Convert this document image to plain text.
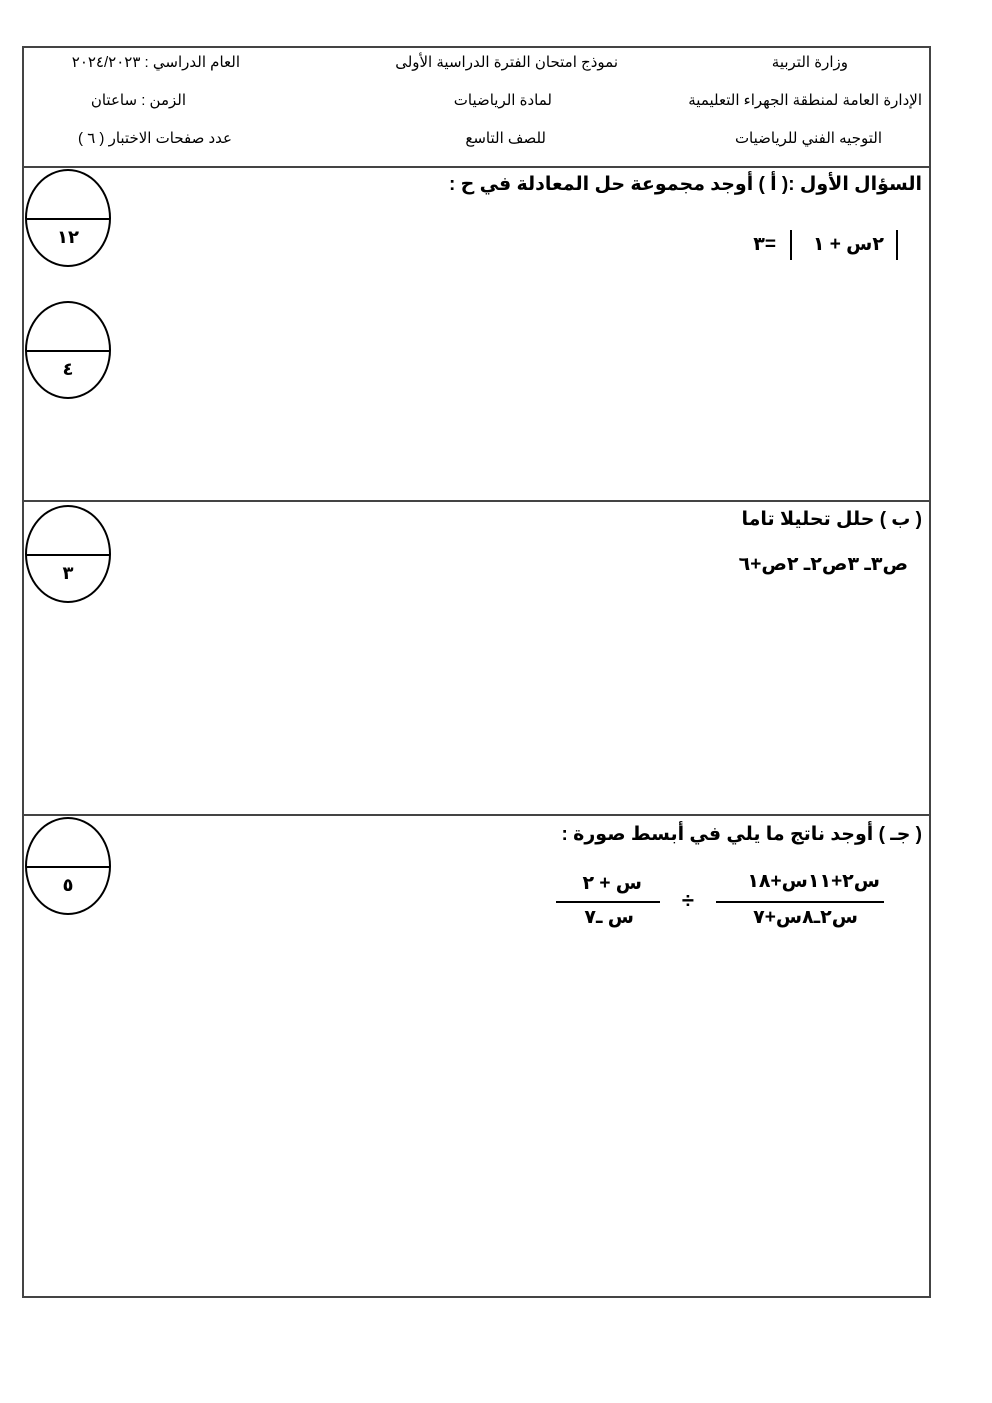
وزارة التربية
الإدارة العامة لمنطقة الجهراء التعليمية
التوجيه الفني للرياضيات
نموذج امتحان الفترة الدراسية الأولى
لمادة الرياضيات
للصف التاسع
العام الدراسي : ٢٠٢٤/٢٠٢٣
الزمن : ساعتان
عدد صفحات الاختبار ( ٦ )
السؤال الأول :( أ ) أوجد مجموعة حل المعادلة في ح :
٢س + ١
=٣
١٢
٤
( ب ) حلل تحليلا تاما
ص٣ـ ٣ص٢ـ ٢ص+٦
٣
( جـ ) أوجد ناتج ما يلي في أبسط صورة :
س٢+١١س+١٨
س٢ـ٨س+٧
÷
س + ٢
س ـ٧
٥
